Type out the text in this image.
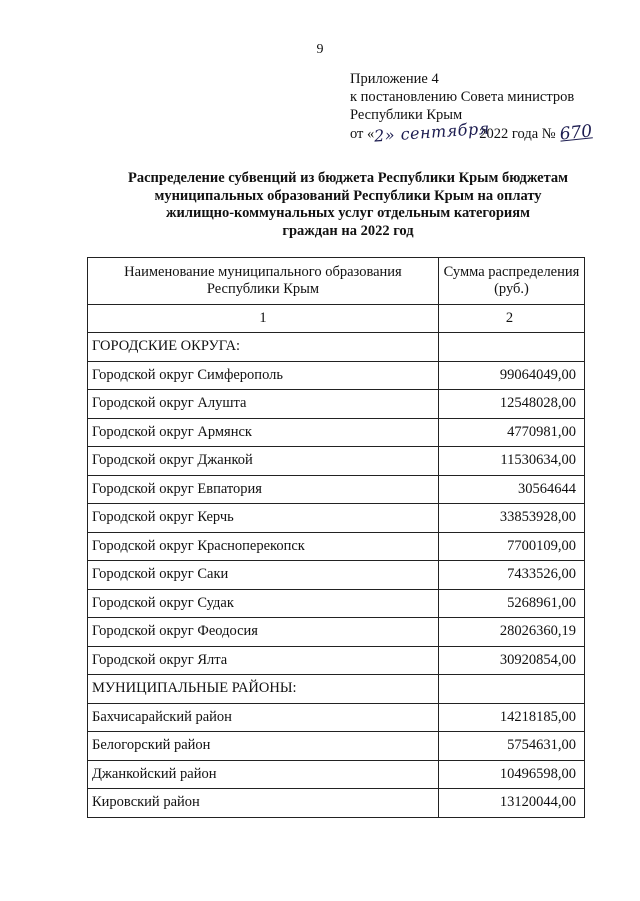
9
Приложение 4
к постановлению Совета министров
Республики Крым
от «2» сентября2022 года № 670
Распределение субвенций из бюджета Республики Крым бюджетам
муниципальных образований Республики Крым на оплату
жилищно-коммунальных услуг отдельным категориям
граждан на 2022 год
Наименование муниципального образования Республики Крым	Сумма распределения (руб.)
1	2
ГОРОДСКИЕ ОКРУГА:	
Городской округ Симферополь	99064049,00
Городской округ Алушта	12548028,00
Городской округ Армянск	4770981,00
Городской округ Джанкой	11530634,00
Городской округ Евпатория	30564644
Городской округ Керчь	33853928,00
Городской округ Красноперекопск	7700109,00
Городской округ Саки	7433526,00
Городской округ Судак	5268961,00
Городской округ Феодосия	28026360,19
Городской округ Ялта	30920854,00
МУНИЦИПАЛЬНЫЕ РАЙОНЫ:	
Бахчисарайский район	14218185,00
Белогорский район	5754631,00
Джанкойский район	10496598,00
Кировский район	13120044,00
